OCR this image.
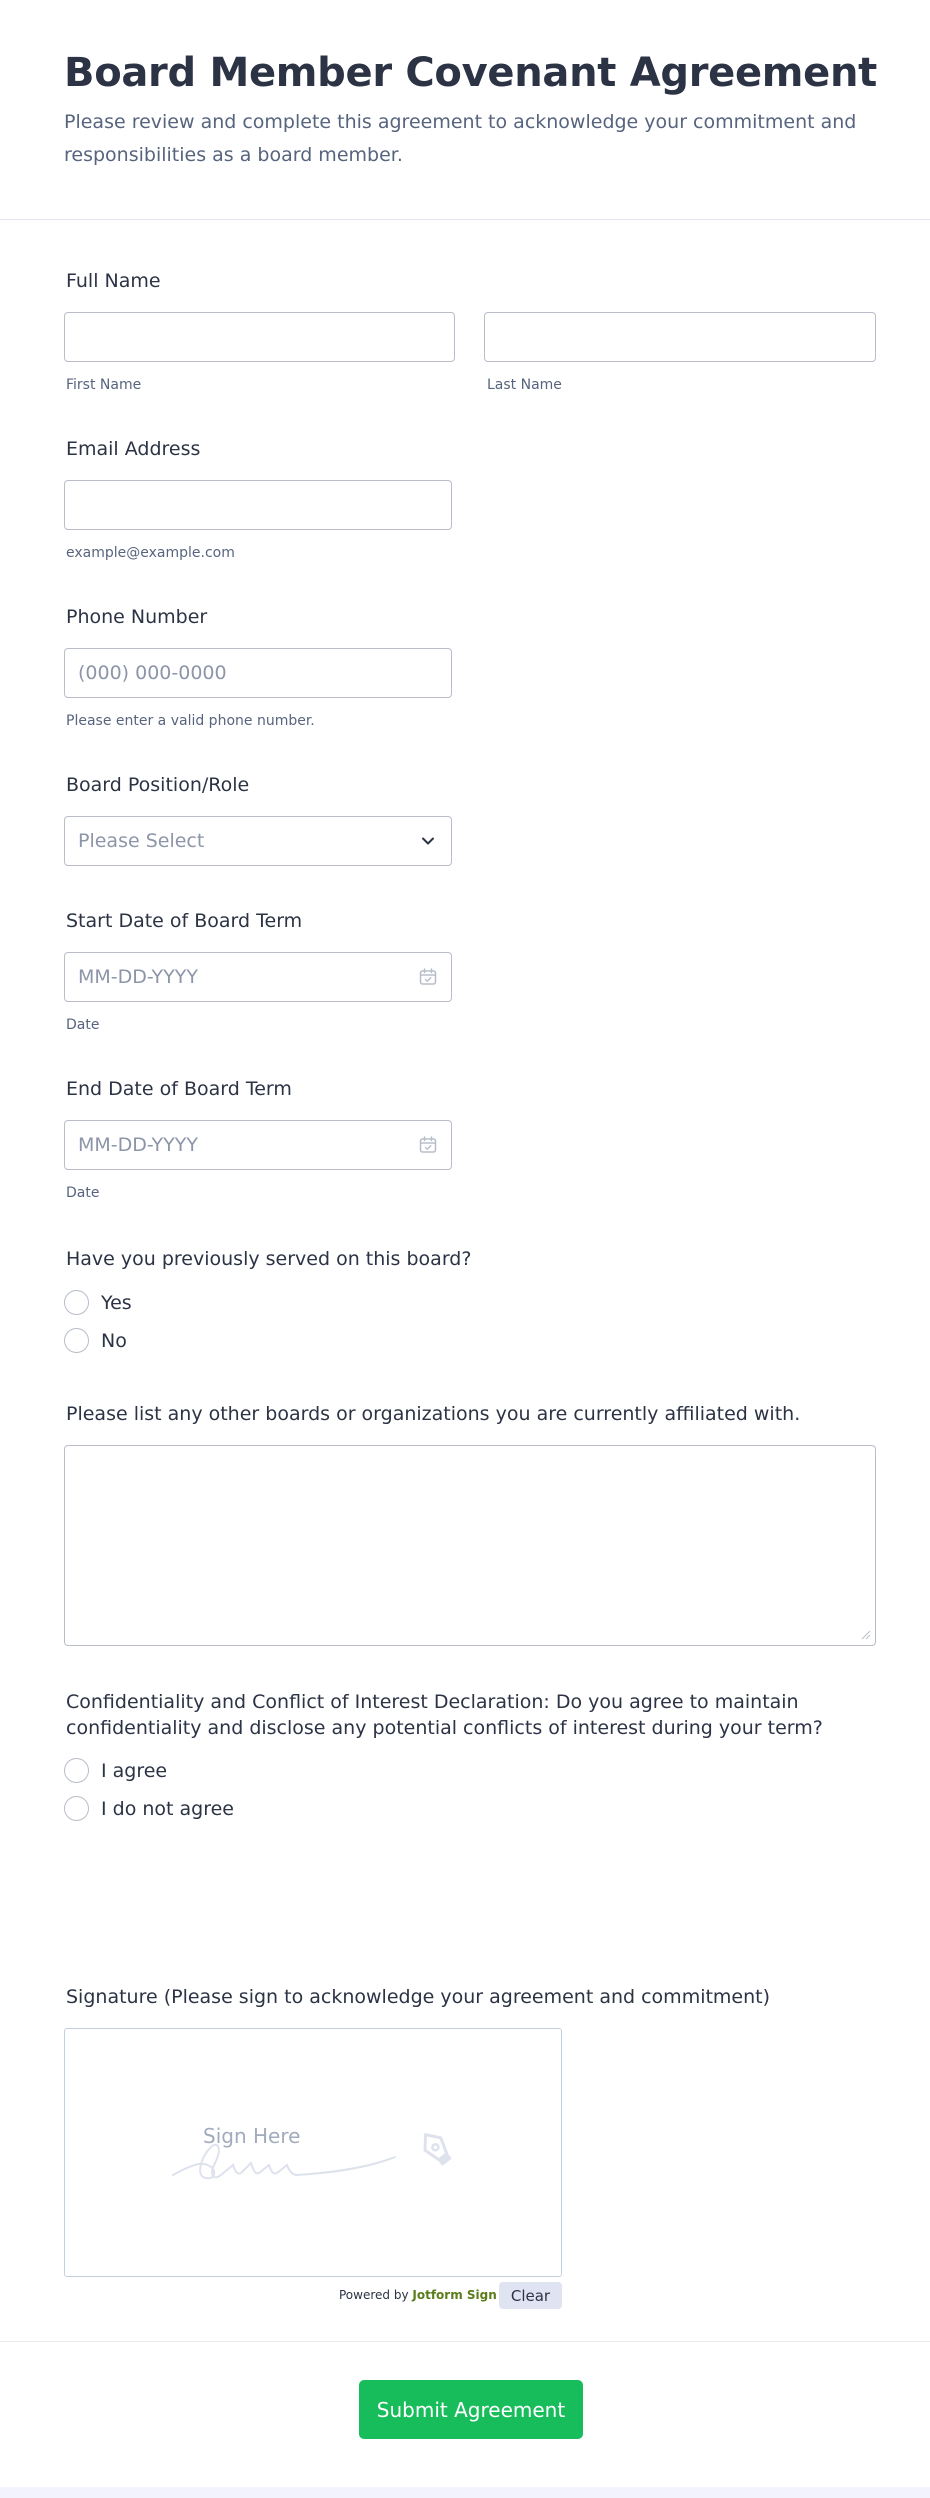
Board Member Covenant Agreement

Please review and complete this agreement to acknowledge your commitment and responsibilities as a board member.

Full Name
First Name	Last Name
Email Address
example@example.com
Phone Number
(000) 000-0000
Please enter a valid phone number.
Board Position/Role
Please Select
Start Date of Board Term
MM-DD-YYYY
Date
End Date of Board Term
MM-DD-YYYY
Date
Have you previously served on this board?
Yes
No
Please list any other boards or organizations you are currently affiliated with.
Confidentiality and Conflict of Interest Declaration: Do you agree to maintain
confidentiality and disclose any potential conflicts of interest during your term?
I agree
I do not agree
Signature (Please sign to acknowledge your agreement and commitment)
Sign Here
Powered by Jotform Sign Clear
Submit Agreement
